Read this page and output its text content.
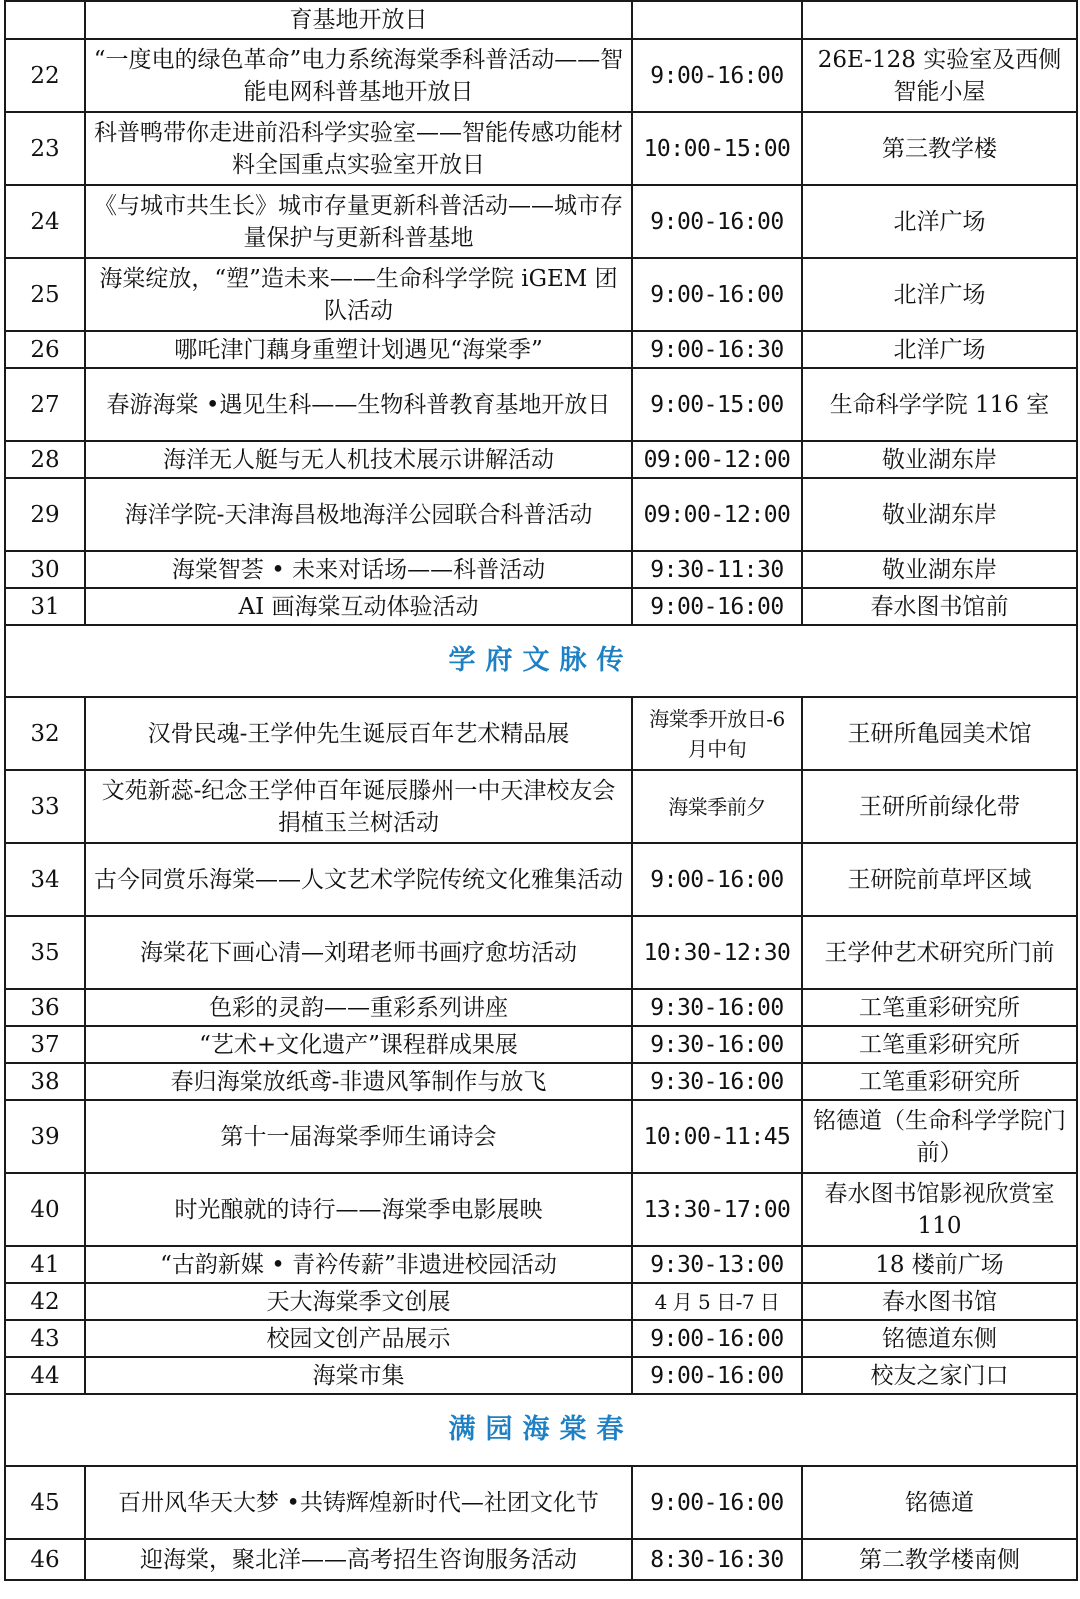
	育基地开放日		
22	“一度电的绿色革命”电力系统海棠季科普活动——智能电网科普基地开放日	9:00-16:00	26E-128 实验室及西侧智能小屋
23	科普鸭带你走进前沿科学实验室——智能传感功能材料全国重点实验室开放日	10:00-15:00	第三教学楼
24	《与城市共生长》城市存量更新科普活动——城市存量保护与更新科普基地	9:00-16:00	北洋广场
25	海棠绽放，“塑”造未来——生命科学学院 iGEM 团队活动	9:00-16:00	北洋广场
26	哪吒津门藕身重塑计划遇见“海棠季”	9:00-16:30	北洋广场
27	春游海棠 •遇见生科——生物科普教育基地开放日	9:00-15:00	生命科学学院 116 室
28	海洋无人艇与无人机技术展示讲解活动	09:00-12:00	敬业湖东岸
29	海洋学院-天津海昌极地海洋公园联合科普活动	09:00-12:00	敬业湖东岸
30	海棠智荟 • 未来对话场——科普活动	9:30-11:30	敬业湖东岸
31	AI 画海棠互动体验活动	9:00-16:00	春水图书馆前
学府文脉传			
32	汉骨民魂-王学仲先生诞辰百年艺术精品展	海棠季开放日-6 月中旬	王研所亀园美术馆
33	文苑新蕊-纪念王学仲百年诞辰滕州一中天津校友会捐植玉兰树活动	海棠季前夕	王研所前绿化带
34	古今同赏乐海棠——人文艺术学院传统文化雅集活动	9:00-16:00	王研院前草坪区域
35	海棠花下画心清—刘珺老师书画疗愈坊活动	10:30-12:30	王学仲艺术研究所门前
36	色彩的灵韵——重彩系列讲座	9:30-16:00	工笔重彩研究所
37	“艺术+文化遗产”课程群成果展	9:30-16:00	工笔重彩研究所
38	春归海棠放纸鸢-非遗风筝制作与放飞	9:30-16:00	工笔重彩研究所
39	第十一届海棠季师生诵诗会	10:00-11:45	铭德道（生命科学学院门前）
40	时光酿就的诗行——海棠季电影展映	13:30-17:00	春水图书馆影视欣赏室 110
41	“古韵新媒 • 青衿传薪”非遗进校园活动	9:30-13:00	18 楼前广场
42	天大海棠季文创展	4 月 5 日-7 日	春水图书馆
43	校园文创产品展示	9:00-16:00	铭德道东侧
44	海棠市集	9:00-16:00	校友之家门口
满园海棠春			
45	百卅风华天大梦 •共铸辉煌新时代—社团文化节	9:00-16:00	铭德道
46	迎海棠，聚北洋——高考招生咨询服务活动	8:30-16:30	第二教学楼南侧
